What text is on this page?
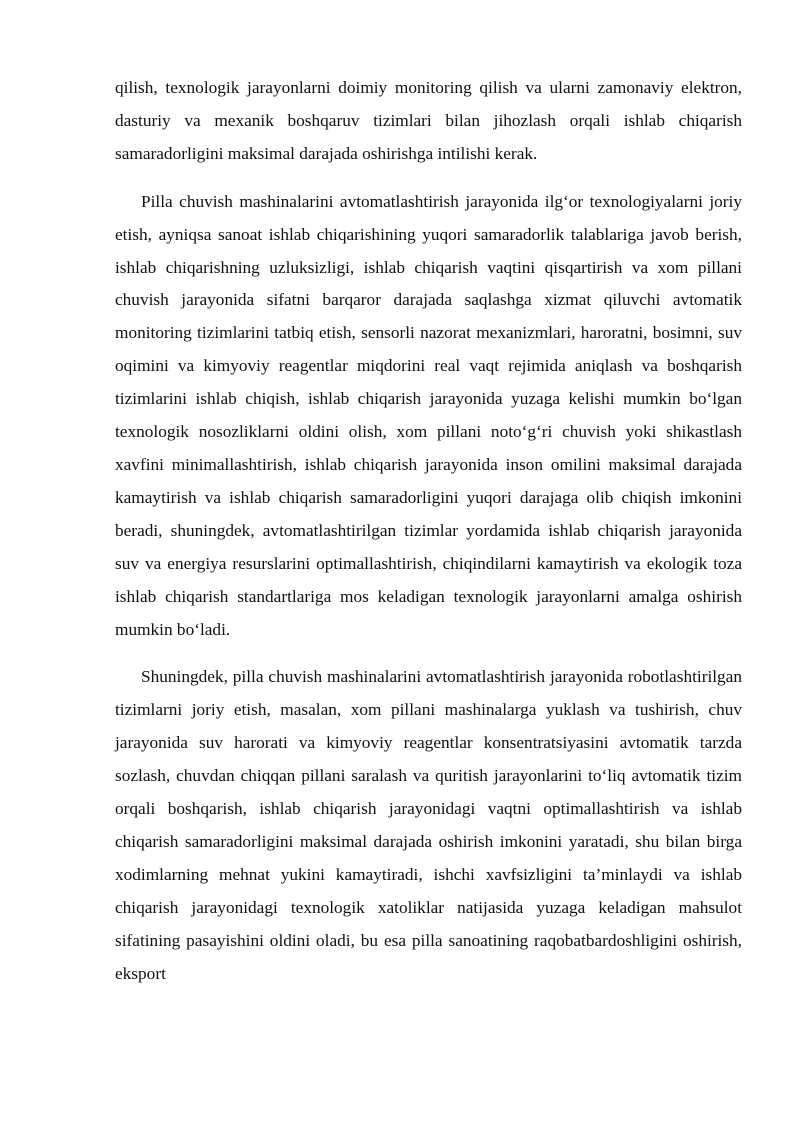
qilish, texnologik jarayonlarni doimiy monitoring qilish va ularni zamonaviy elektron, dasturiy va mexanik boshqaruv tizimlari bilan jihozlash orqali ishlab chiqarish samaradorligini maksimal darajada oshirishga intilishi kerak.

Pilla chuvish mashinalarini avtomatlashtirish jarayonida ilg‘or texnologiyalarni joriy etish, ayniqsa sanoat ishlab chiqarishining yuqori samaradorlik talablariga javob berish, ishlab chiqarishning uzluksizligi, ishlab chiqarish vaqtini qisqartirish va xom pillani chuvish jarayonida sifatni barqaror darajada saqlashga xizmat qiluvchi avtomatik monitoring tizimlarini tatbiq etish, sensorli nazorat mexanizmlari, haroratni, bosimni, suv oqimini va kimyoviy reagentlar miqdorini real vaqt rejimida aniqlash va boshqarish tizimlarini ishlab chiqish, ishlab chiqarish jarayonida yuzaga kelishi mumkin bo‘lgan texnologik nosozliklarni oldini olish, xom pillani noto‘g‘ri chuvish yoki shikastlash xavfini minimallashtirish, ishlab chiqarish jarayonida inson omilini maksimal darajada kamaytirish va ishlab chiqarish samaradorligini yuqori darajaga olib chiqish imkonini beradi, shuningdek, avtomatlashtirilgan tizimlar yordamida ishlab chiqarish jarayonida suv va energiya resurslarini optimallashtirish, chiqindilarni kamaytirish va ekologik toza ishlab chiqarish standartlariga mos keladigan texnologik jarayonlarni amalga oshirish mumkin bo‘ladi.

Shuningdek, pilla chuvish mashinalarini avtomatlashtirish jarayonida robotlashtirilgan tizimlarni joriy etish, masalan, xom pillani mashinalarga yuklash va tushirish, chuv jarayonida suv harorati va kimyoviy reagentlar konsentratsiyasini avtomatik tarzda sozlash, chuvdan chiqqan pillani saralash va quritish jarayonlarini to‘liq avtomatik tizim orqali boshqarish, ishlab chiqarish jarayonidagi vaqtni optimallashtirish va ishlab chiqarish samaradorligini maksimal darajada oshirish imkonini yaratadi, shu bilan birga xodimlarning mehnat yukini kamaytiradi, ishchi xavfsizligini ta’minlaydi va ishlab chiqarish jarayonidagi texnologik xatoliklar natijasida yuzaga keladigan mahsulot sifatining pasayishini oldini oladi, bu esa pilla sanoatining raqobatbardoshligini oshirish, eksport
